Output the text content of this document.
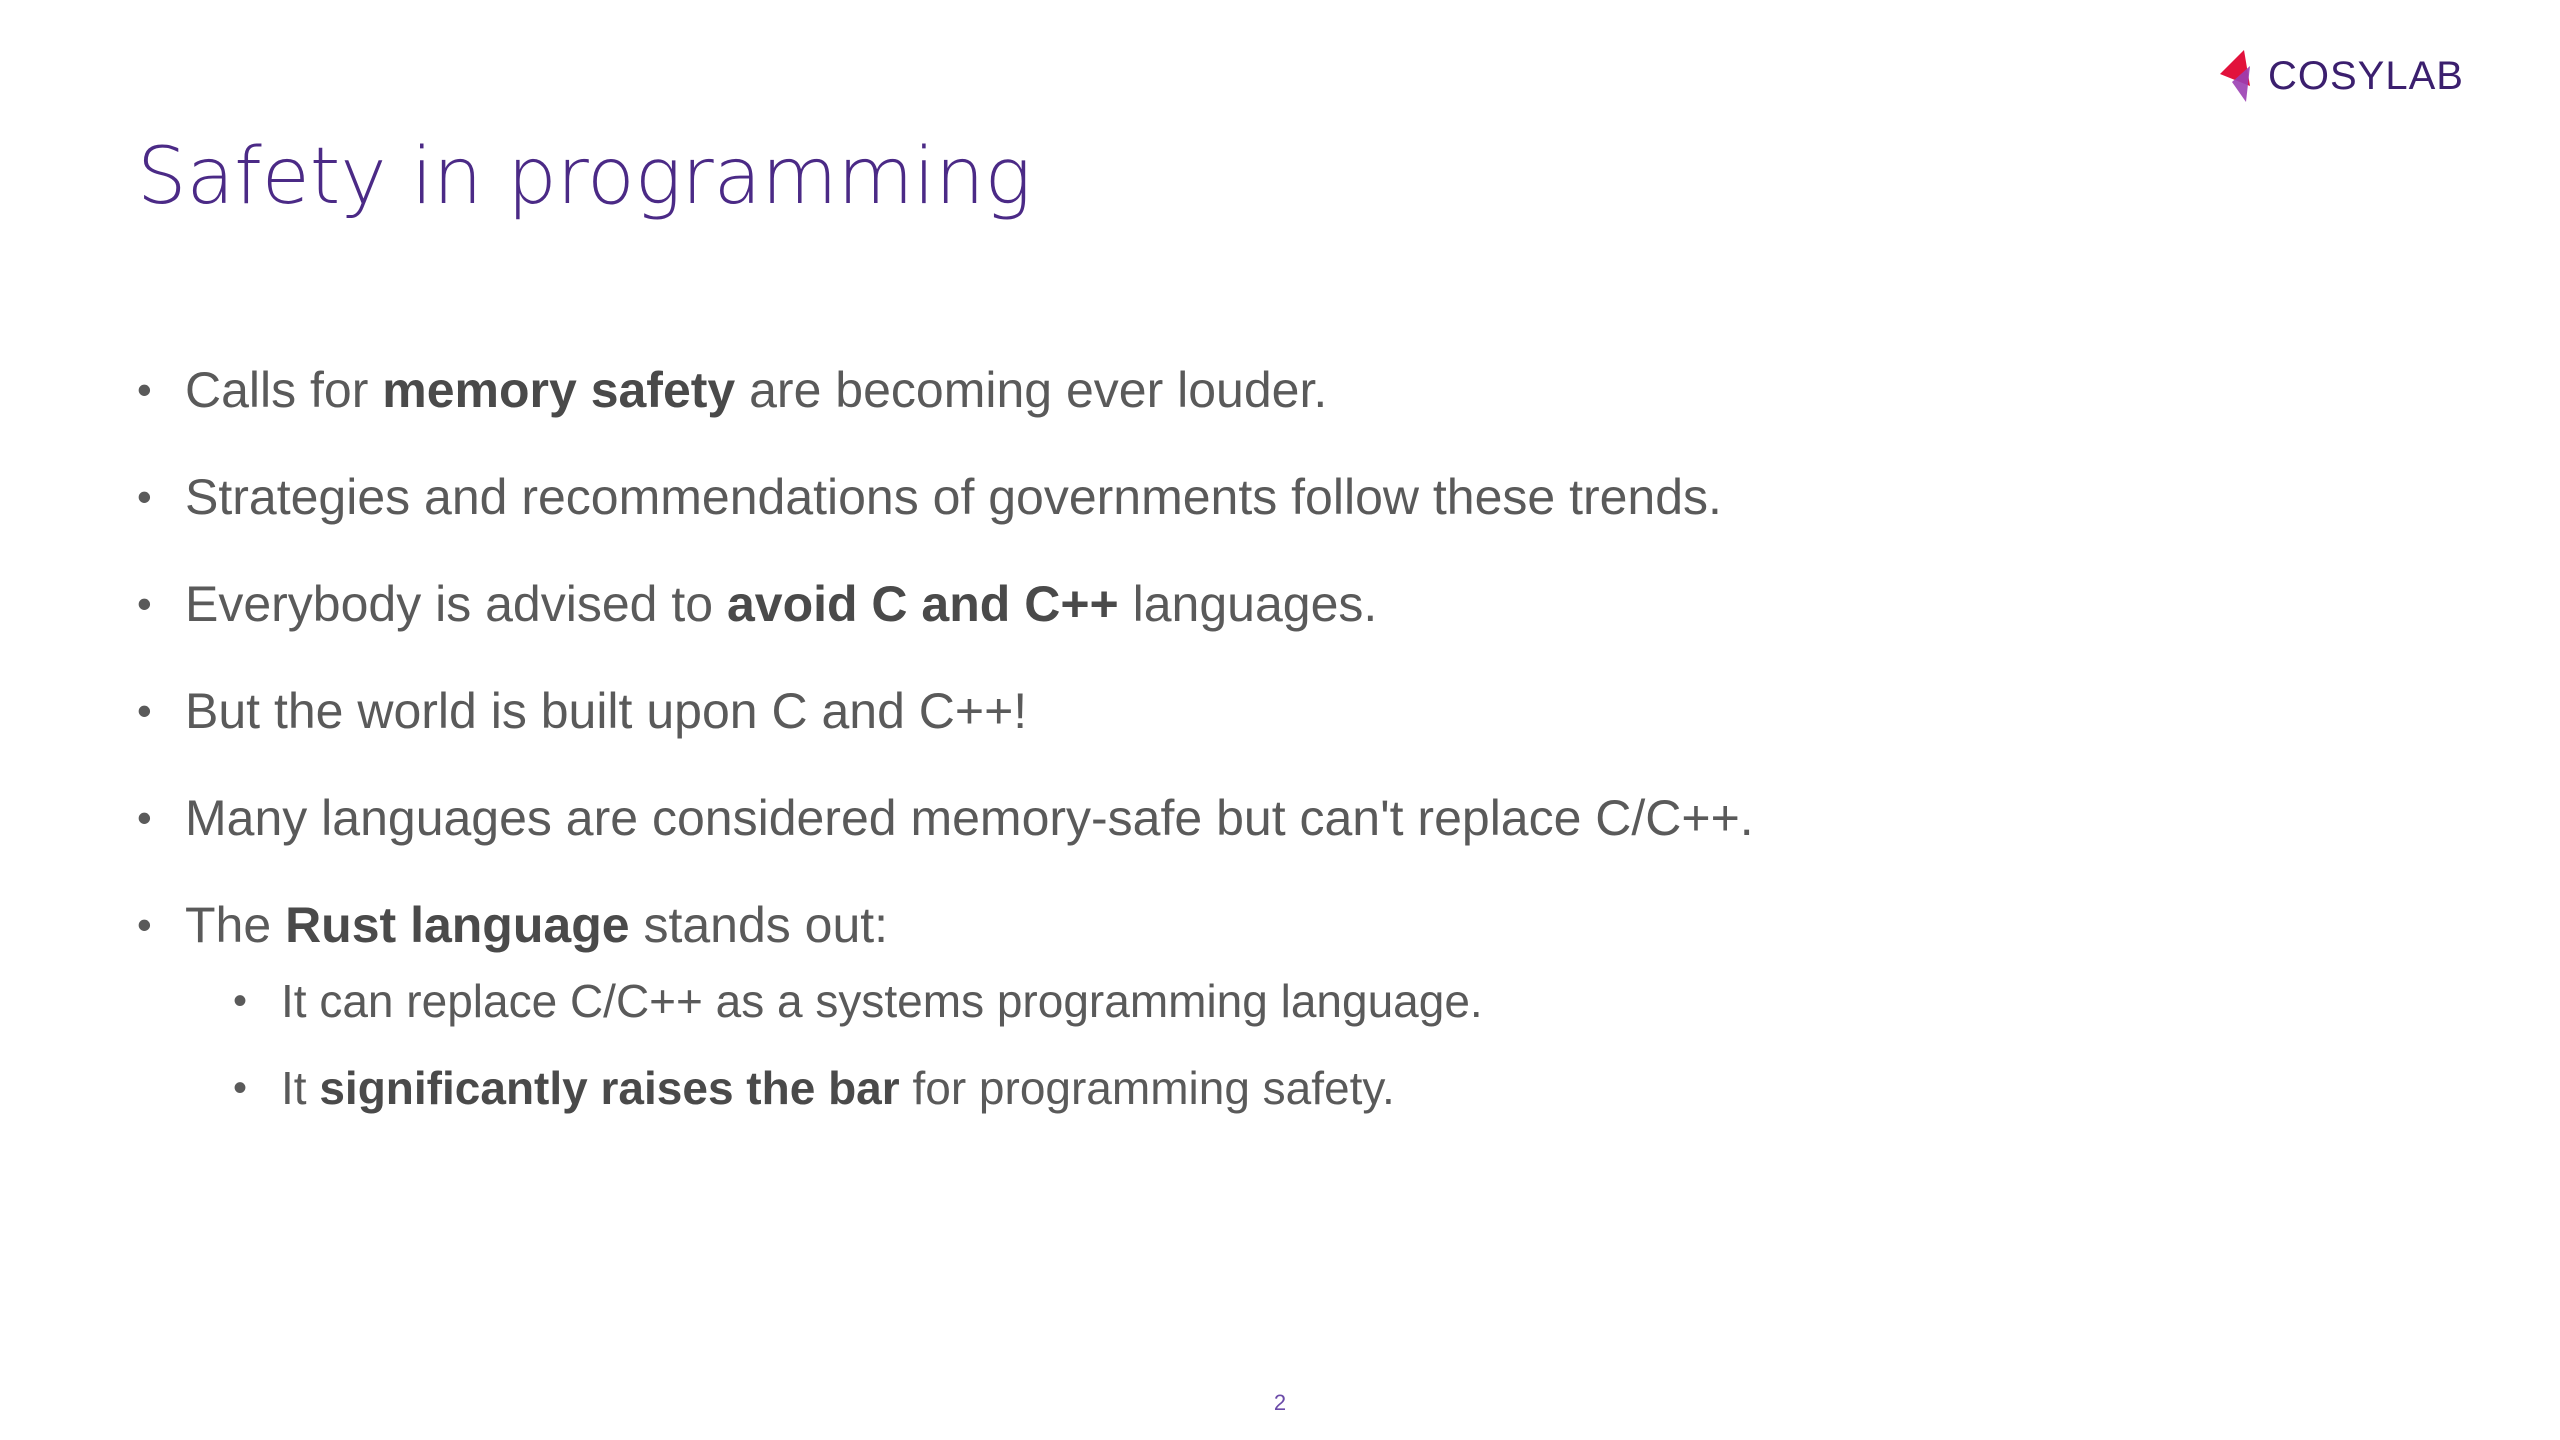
COSYLAB
Safety in programming
• Calls for memory safety are becoming ever louder.
• Strategies and recommendations of governments follow these trends.
• Everybody is advised to avoid C and C++ languages.
• But the world is built upon C and C++!
• Many languages are considered memory-safe but can't replace C/C++.
• The Rust language stands out:
• It can replace C/C++ as a systems programming language.
• It significantly raises the bar for programming safety.
2
